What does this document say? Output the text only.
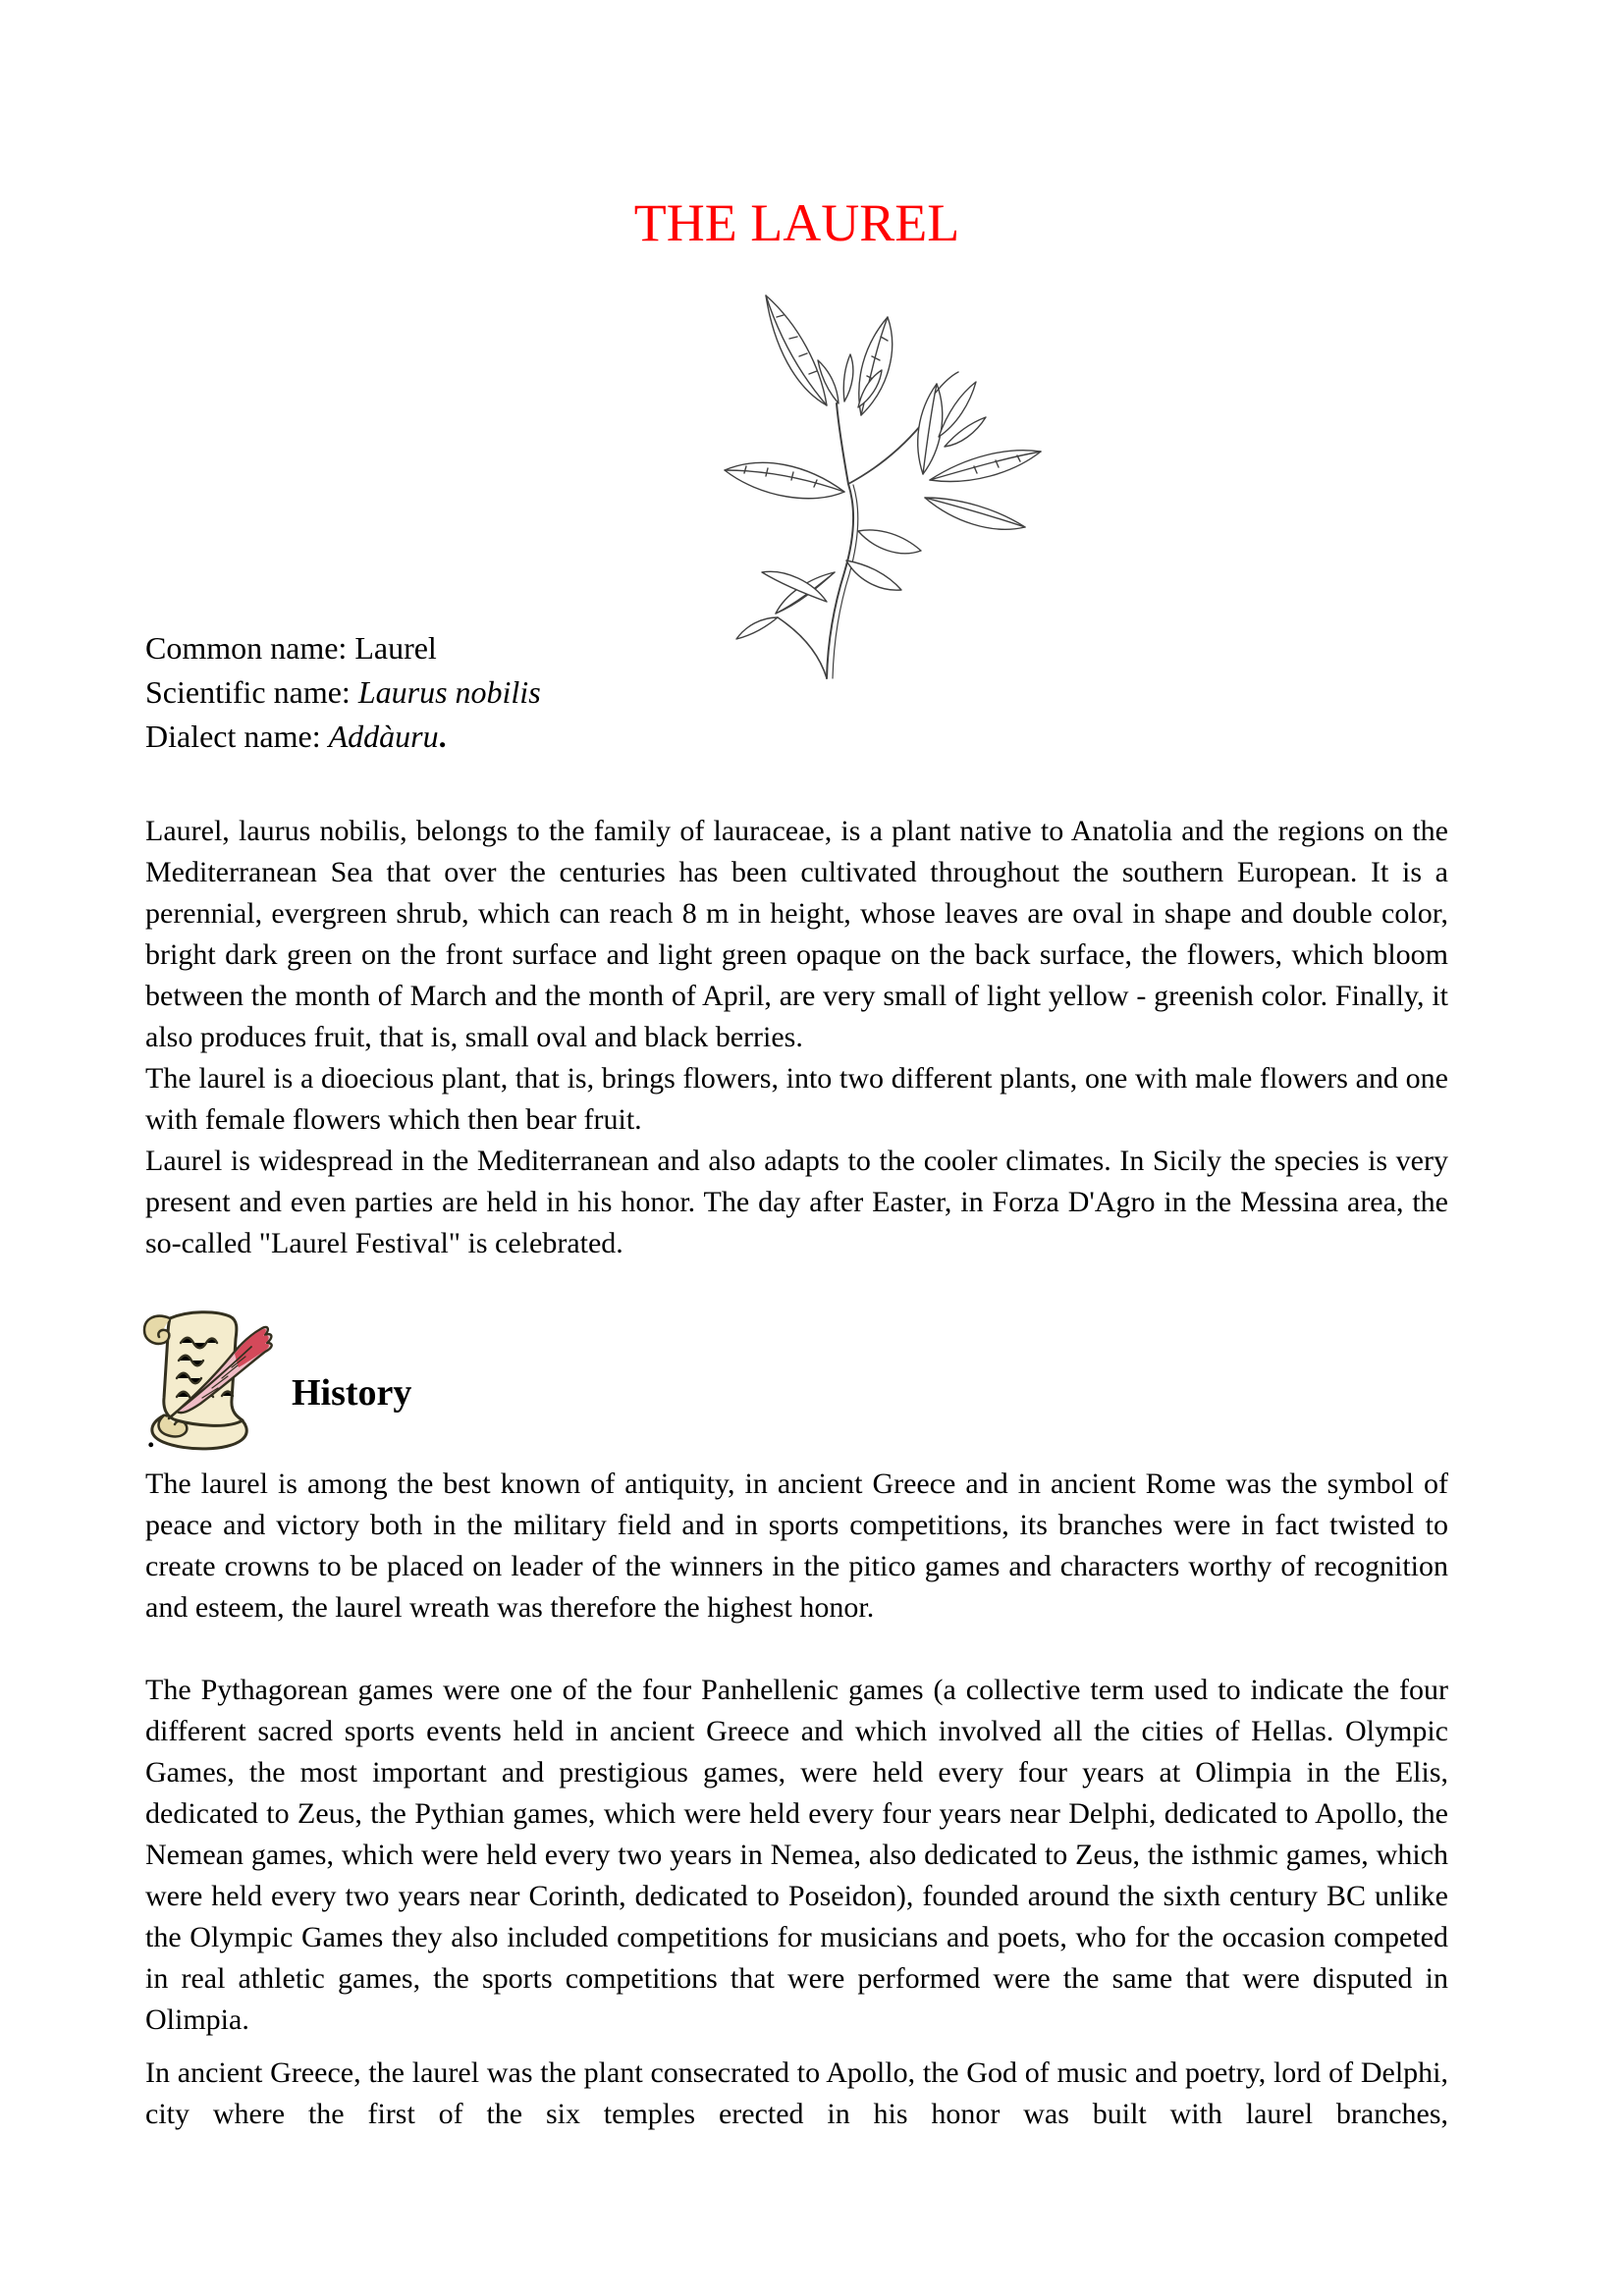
THE LAUREL
Common name: Laurel
Scientific name: Laurus nobilis
Dialect name: Addàuru.

Laurel, laurus nobilis, belongs to the family of lauraceae, is a plant native to Anatolia and the regions on the Mediterranean Sea that over the centuries has been cultivated throughout the southern European. It is a perennial, evergreen shrub, which can reach 8 m in height, whose leaves are oval in shape and double color, bright dark green on the front surface and light green opaque on the back surface, the flowers, which bloom between the month of March and the month of April, are very small of light yellow - greenish color. Finally, it also produces fruit, that is, small oval and black berries.

The laurel is a dioecious plant, that is, brings flowers, into two different plants, one with male flowers and one with female flowers which then bear fruit.

Laurel is widespread in the Mediterranean and also adapts to the cooler climates. In Sicily the species is very present and even parties are held in his honor. The day after Easter, in Forza D'Agro in the Messina area, the so-called "Laurel Festival" is celebrated.

History
.

The laurel is among the best known of antiquity, in ancient Greece and in ancient Rome was the symbol of peace and victory both in the military field and in sports competitions, its branches were in fact twisted to create crowns to be placed on leader of the winners in the pitico games and characters worthy of recognition and esteem, the laurel wreath was therefore the highest honor.

The Pythagorean games were one of the four Panhellenic games (a collective term used to indicate the four different sacred sports events held in ancient Greece and which involved all the cities of Hellas. Olympic Games, the most important and prestigious games, were held every four years at Olimpia in the Elis, dedicated to Zeus, the Pythian games, which were held every four years near Delphi, dedicated to Apollo, the Nemean games, which were held every two years in Nemea, also dedicated to Zeus, the isthmic games, which were held every two years near Corinth, dedicated to Poseidon), founded around the sixth century BC unlike the Olympic Games they also included competitions for musicians and poets, who for the occasion competed in real athletic games, the sports competitions that were performed were the same that were disputed in Olimpia.

In ancient Greece, the laurel was the plant consecrated to Apollo, the God of music and poetry, lord of Delphi, city where the first of the six temples erected in his honor was built with laurel branches,
